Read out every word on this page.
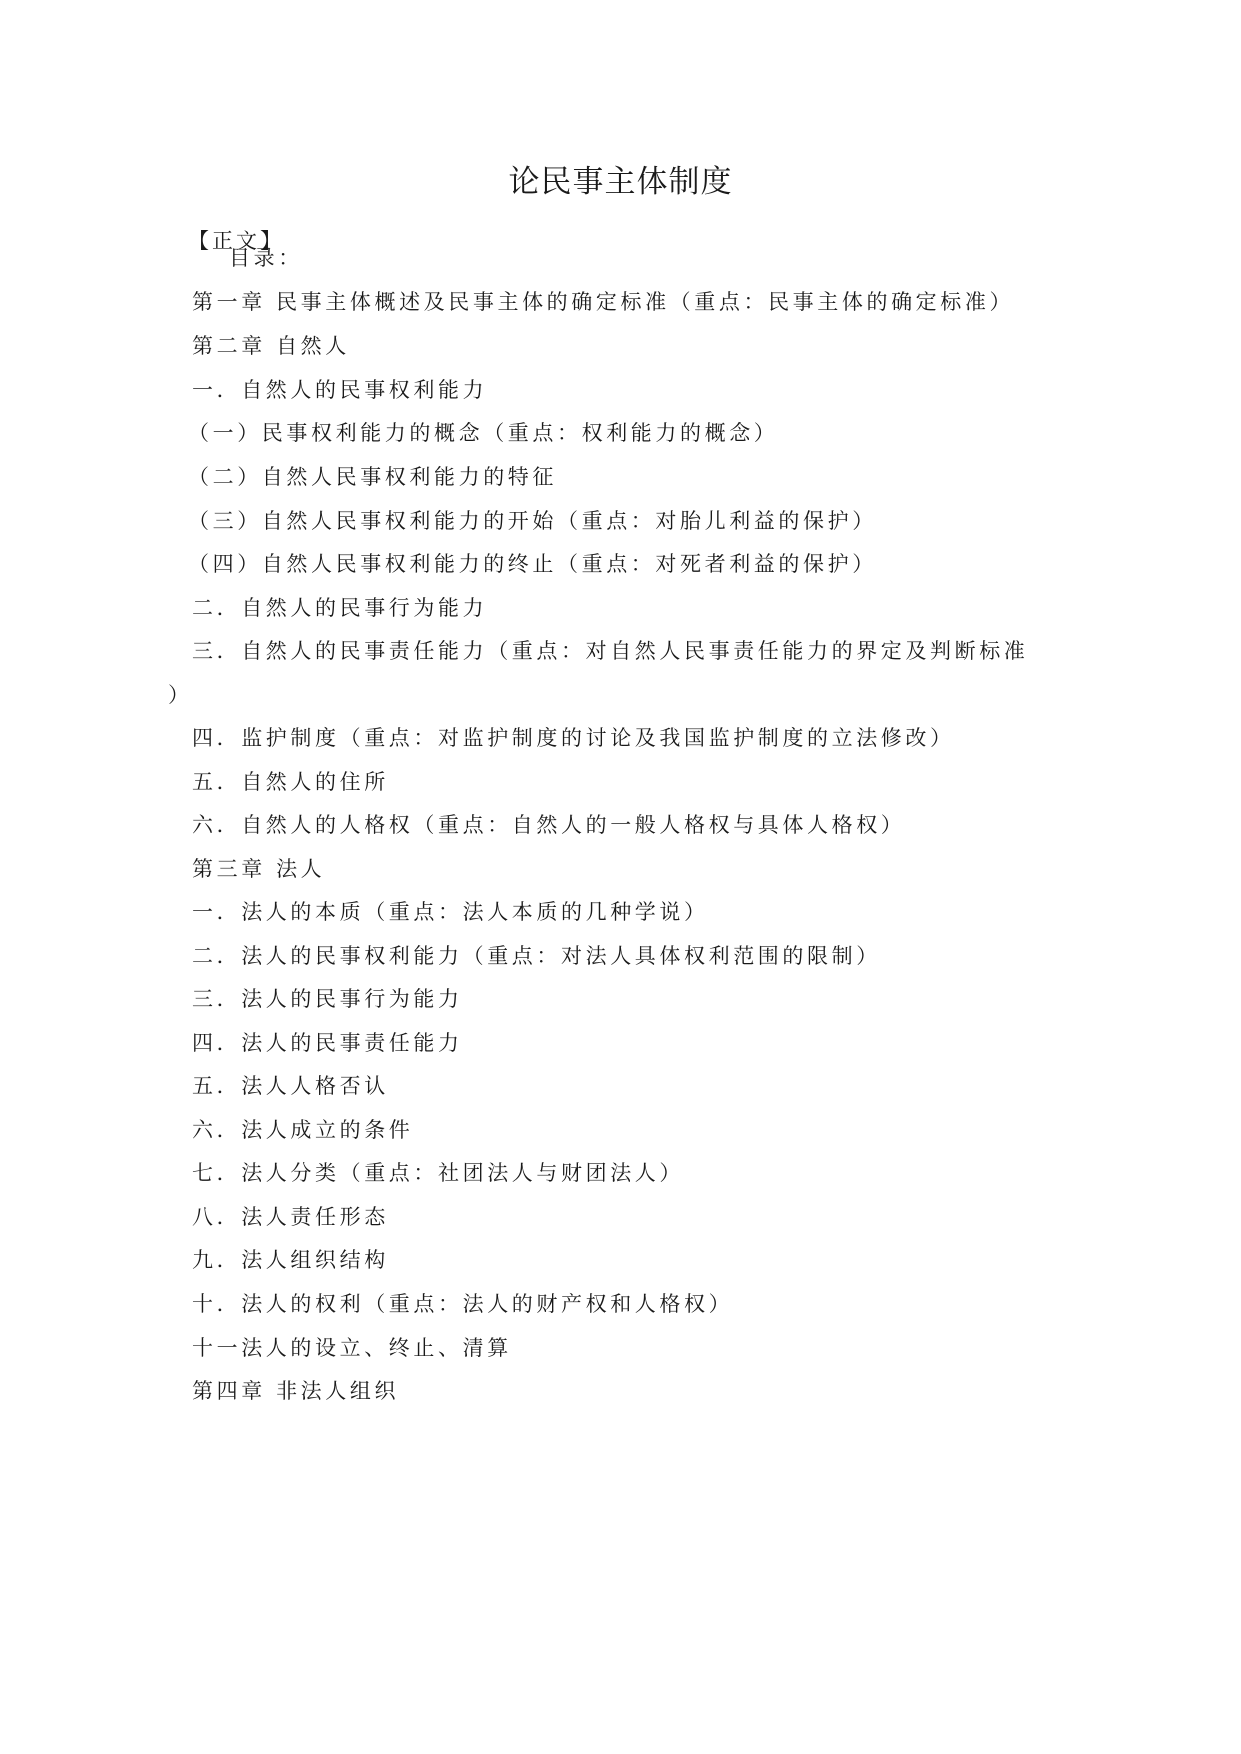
论民事主体制度
【正文】
目录：
第一章 民事主体概述及民事主体的确定标准（重点：民事主体的确定标准）
第二章 自然人
一．自然人的民事权利能力
（一）民事权利能力的概念（重点：权利能力的概念）
（二）自然人民事权利能力的特征
（三）自然人民事权利能力的开始（重点：对胎儿利益的保护）
（四）自然人民事权利能力的终止（重点：对死者利益的保护）
二．自然人的民事行为能力
三．自然人的民事责任能力（重点：对自然人民事责任能力的界定及判断标准
）
四．监护制度（重点：对监护制度的讨论及我国监护制度的立法修改）
五．自然人的住所
六．自然人的人格权（重点：自然人的一般人格权与具体人格权）
第三章 法人
一．法人的本质（重点：法人本质的几种学说）
二．法人的民事权利能力（重点：对法人具体权利范围的限制）
三．法人的民事行为能力
四．法人的民事责任能力
五．法人人格否认
六．法人成立的条件
七．法人分类（重点：社团法人与财团法人）
八．法人责任形态
九．法人组织结构
十．法人的权利（重点：法人的财产权和人格权）
十一法人的设立、终止、清算
第四章 非法人组织
